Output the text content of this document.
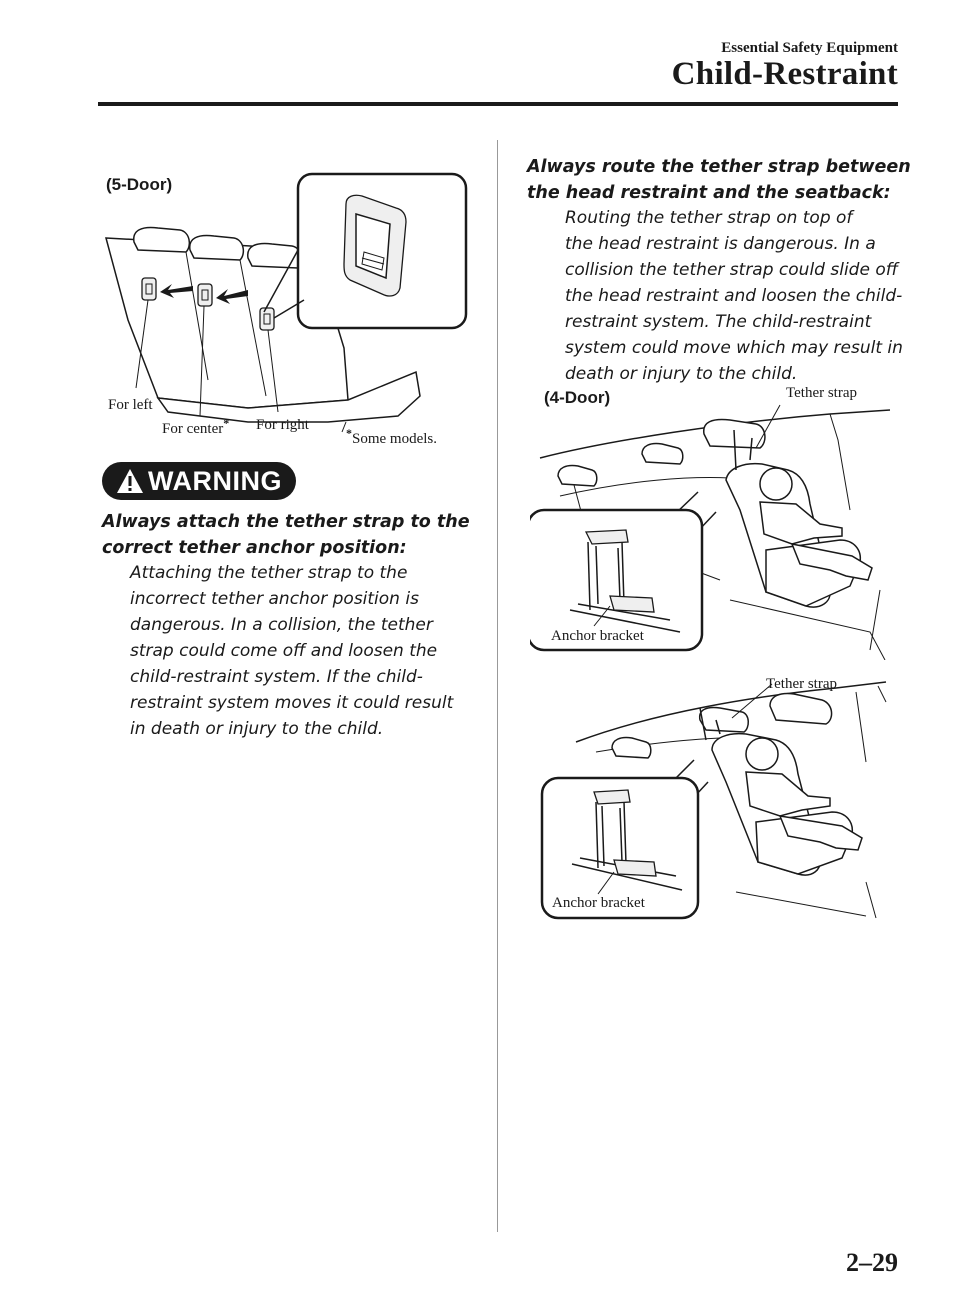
Essential Safety Equipment
Child-Restraint
(5-Door)
For left
For center* For right	*Some models.
WARNING
Always attach the tether strap to the
correct tether anchor position:
Attaching the tether strap to the
incorrect tether anchor position is
dangerous. In a collision, the tether
strap could come off and loosen the
child-restraint system. If the child-
restraint system moves it could result
in death or injury to the child.
Always route the tether strap between
the head restraint and the seatback:
Routing the tether strap on top of
the head restraint is dangerous. In a
collision the tether strap could slide off
the head restraint and loosen the child-
restraint system. The child-restraint
system could move which may result in
death or injury to the child.
(4-Door)	Tether strap
Anchor bracket
Tether strap
Anchor bracket
2–29
